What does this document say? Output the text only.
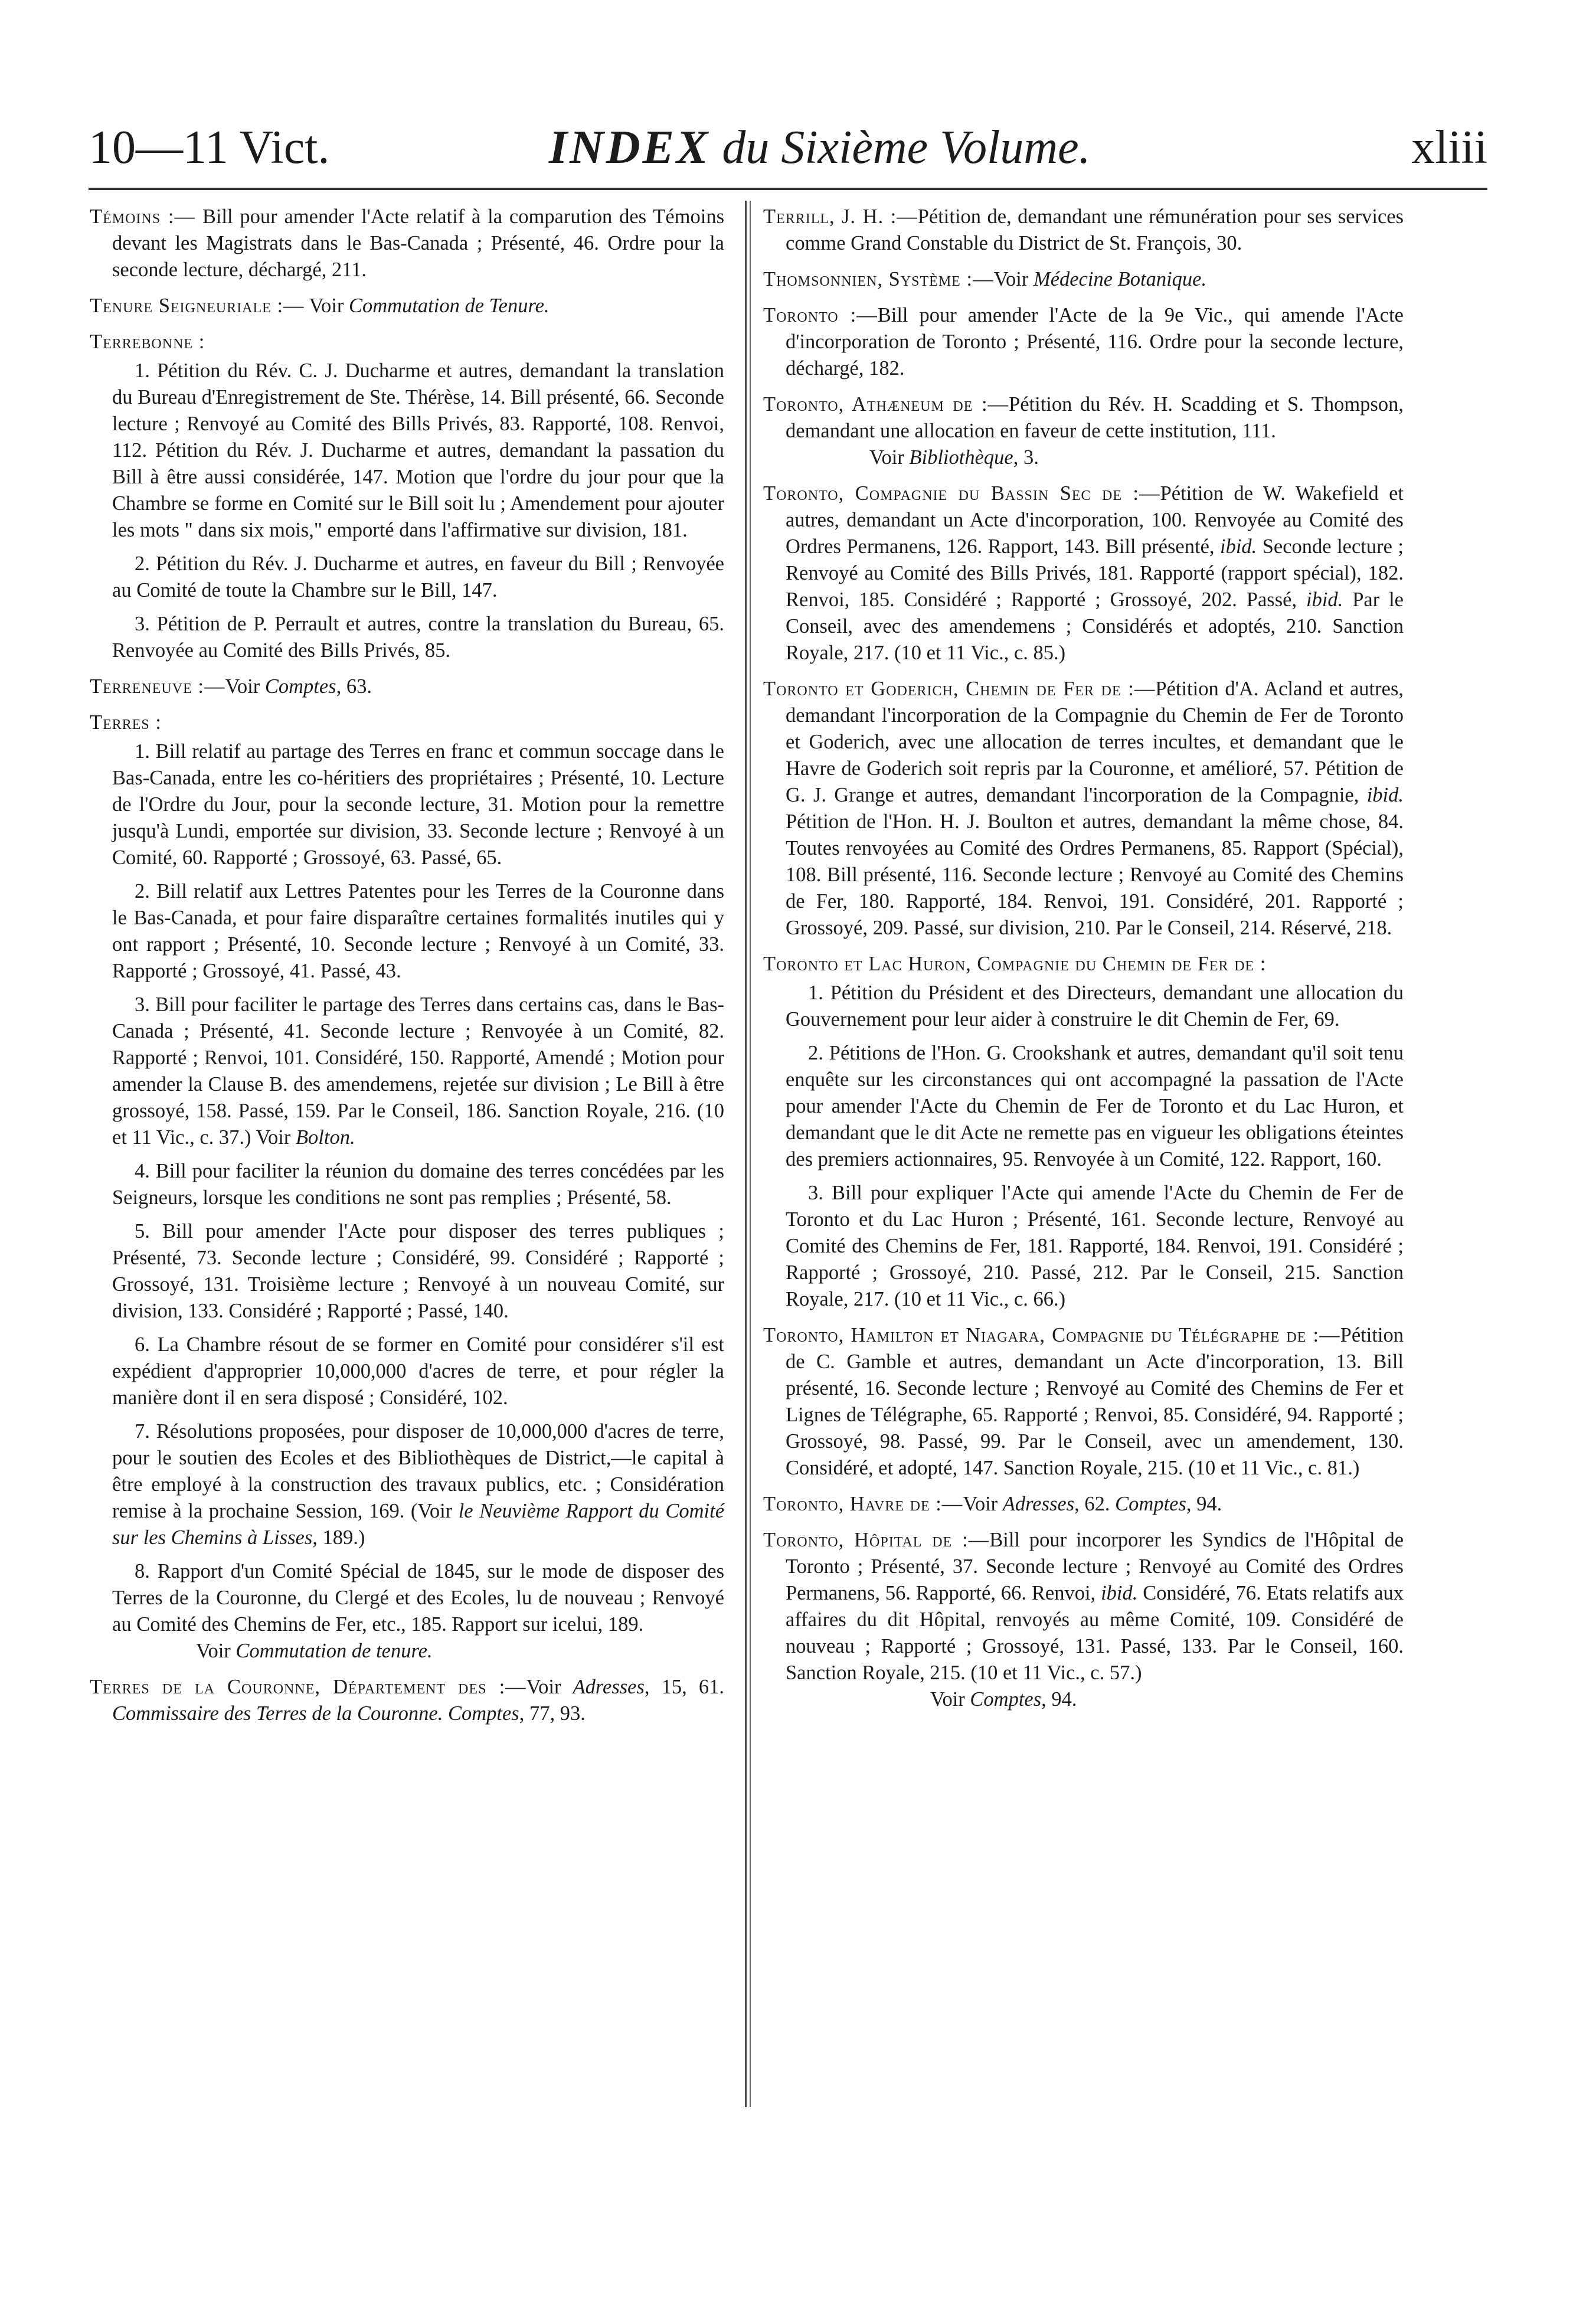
10—11 Vict.	INDEX du Sixième Volume.	xliii
Témoins :— Bill pour amender l'Acte relatif à la comparution des Témoins devant les Magistrats dans le Bas-Canada ; Présenté, 46. Ordre pour la seconde lecture, déchargé, 211.
Tenure Seigneuriale :— Voir Commutation de Tenure.

Terrebonne :

1. Pétition du Rév. C. J. Ducharme et autres, demandant la translation du Bureau d'Enregistrement de Ste. Thérèse, 14. Bill présenté, 66. Seconde lecture ; Renvoyé au Comité des Bills Privés, 83. Rapporté, 108. Renvoi, 112. Pétition du Rév. J. Ducharme et autres, demandant la passation du Bill à être aussi considérée, 147. Motion que l'ordre du jour pour que la Chambre se forme en Comité sur le Bill soit lu ; Amendement pour ajouter les mots " dans six mois," emporté dans l'affirmative sur division, 181.

2. Pétition du Rév. J. Ducharme et autres, en faveur du Bill ; Renvoyée au Comité de toute la Chambre sur le Bill, 147.

3. Pétition de P. Perrault et autres, contre la translation du Bureau, 65. Renvoyée au Comité des Bills Privés, 85.

Terreneuve :—Voir Comptes, 63.

Terres :

1. Bill relatif au partage des Terres en franc et commun soccage dans le Bas-Canada, entre les co-héritiers des propriétaires ; Présenté, 10. Lecture de l'Ordre du Jour, pour la seconde lecture, 31. Motion pour la remettre jusqu'à Lundi, emportée sur division, 33. Seconde lecture ; Renvoyé à un Comité, 60. Rapporté ; Grossoyé, 63. Passé, 65.

2. Bill relatif aux Lettres Patentes pour les Terres de la Couronne dans le Bas-Canada, et pour faire disparaître certaines formalités inutiles qui y ont rapport ; Présenté, 10. Seconde lecture ; Renvoyé à un Comité, 33. Rapporté ; Grossoyé, 41. Passé, 43.

3. Bill pour faciliter le partage des Terres dans certains cas, dans le Bas-Canada ; Présenté, 41. Seconde lecture ; Renvoyée à un Comité, 82. Rapporté ; Renvoi, 101. Considéré, 150. Rapporté, Amendé ; Motion pour amender la Clause B. des amendemens, rejetée sur division ; Le Bill à être grossoyé, 158. Passé, 159. Par le Conseil, 186. Sanction Royale, 216. (10 et 11 Vic., c. 37.) Voir Bolton.

4. Bill pour faciliter la réunion du domaine des terres concédées par les Seigneurs, lorsque les conditions ne sont pas remplies ; Présenté, 58.

5. Bill pour amender l'Acte pour disposer des terres publiques ; Présenté, 73. Seconde lecture ; Considéré, 99. Considéré ; Rapporté ; Grossoyé, 131. Troisième lecture ; Renvoyé à un nouveau Comité, sur division, 133. Considéré ; Rapporté ; Passé, 140.

6. La Chambre résout de se former en Comité pour considérer s'il est expédient d'approprier 10,000,000 d'acres de terre, et pour régler la manière dont il en sera disposé ; Considéré, 102.

7. Résolutions proposées, pour disposer de 10,000,000 d'acres de terre, pour le soutien des Ecoles et des Bibliothèques de District,—le capital à être employé à la construction des travaux publics, etc. ; Considération remise à la prochaine Session, 169. (Voir le Neuvième Rapport du Comité sur les Chemins à Lisses, 189.)

8. Rapport d'un Comité Spécial de 1845, sur le mode de disposer des Terres de la Couronne, du Clergé et des Ecoles, lu de nouveau ; Renvoyé au Comité des Chemins de Fer, etc., 185. Rapport sur icelui, 189.

Voir Commutation de tenure.

Terres de la Couronne, Département des :—Voir Adresses, 15, 61. Commissaire des Terres de la Couronne. Comptes, 77, 93.
Terrill, J. H. :—Pétition de, demandant une rémunération pour ses services comme Grand Constable du District de St. François, 30.
Thomsonnien, Système :—Voir Médecine Botanique.
Toronto :—Bill pour amender l'Acte de la 9e Vic., qui amende l'Acte d'incorporation de Toronto ; Présenté, 116. Ordre pour la seconde lecture, déchargé, 182.
Toronto, Athæneum de :—Pétition du Rév. H. Scadding et S. Thompson, demandant une allocation en faveur de cette institution, 111.

Voir Bibliothèque, 3.

Toronto, Compagnie du Bassin Sec de :—Pétition de W. Wakefield et autres, demandant un Acte d'incorporation, 100. Renvoyée au Comité des Ordres Permanens, 126. Rapport, 143. Bill présenté, ibid. Seconde lecture ; Renvoyé au Comité des Bills Privés, 181. Rapporté (rapport spécial), 182. Renvoi, 185. Considéré ; Rapporté ; Grossoyé, 202. Passé, ibid. Par le Conseil, avec des amendemens ; Considérés et adoptés, 210. Sanction Royale, 217. (10 et 11 Vic., c. 85.)
Toronto et Goderich, Chemin de Fer de :—Pétition d'A. Acland et autres, demandant l'incorporation de la Compagnie du Chemin de Fer de Toronto et Goderich, avec une allocation de terres incultes, et demandant que le Havre de Goderich soit repris par la Couronne, et amélioré, 57. Pétition de G. J. Grange et autres, demandant l'incorporation de la Compagnie, ibid. Pétition de l'Hon. H. J. Boulton et autres, demandant la même chose, 84. Toutes renvoyées au Comité des Ordres Permanens, 85. Rapport (Spécial), 108. Bill présenté, 116. Seconde lecture ; Renvoyé au Comité des Chemins de Fer, 180. Rapporté, 184. Renvoi, 191. Considéré, 201. Rapporté ; Grossoyé, 209. Passé, sur division, 210. Par le Conseil, 214. Réservé, 218.

Toronto et Lac Huron, Compagnie du Chemin de Fer de :

1. Pétition du Président et des Directeurs, demandant une allocation du Gouvernement pour leur aider à construire le dit Chemin de Fer, 69.

2. Pétitions de l'Hon. G. Crookshank et autres, demandant qu'il soit tenu enquête sur les circonstances qui ont accompagné la passation de l'Acte pour amender l'Acte du Chemin de Fer de Toronto et du Lac Huron, et demandant que le dit Acte ne remette pas en vigueur les obligations éteintes des premiers actionnaires, 95. Renvoyée à un Comité, 122. Rapport, 160.

3. Bill pour expliquer l'Acte qui amende l'Acte du Chemin de Fer de Toronto et du Lac Huron ; Présenté, 161. Seconde lecture, Renvoyé au Comité des Chemins de Fer, 181. Rapporté, 184. Renvoi, 191. Considéré ; Rapporté ; Grossoyé, 210. Passé, 212. Par le Conseil, 215. Sanction Royale, 217. (10 et 11 Vic., c. 66.)

Toronto, Hamilton et Niagara, Compagnie du Télégraphe de :—Pétition de C. Gamble et autres, demandant un Acte d'incorporation, 13. Bill présenté, 16. Seconde lecture ; Renvoyé au Comité des Chemins de Fer et Lignes de Télégraphe, 65. Rapporté ; Renvoi, 85. Considéré, 94. Rapporté ; Grossoyé, 98. Passé, 99. Par le Conseil, avec un amendement, 130. Considéré, et adopté, 147. Sanction Royale, 215. (10 et 11 Vic., c. 81.)
Toronto, Havre de :—Voir Adresses, 62. Comptes, 94.
Toronto, Hôpital de :—Bill pour incorporer les Syndics de l'Hôpital de Toronto ; Présenté, 37. Seconde lecture ; Renvoyé au Comité des Ordres Permanens, 56. Rapporté, 66. Renvoi, ibid. Considéré, 76. Etats relatifs aux affaires du dit Hôpital, renvoyés au même Comité, 109. Considéré de nouveau ; Rapporté ; Grossoyé, 131. Passé, 133. Par le Conseil, 160. Sanction Royale, 215. (10 et 11 Vic., c. 57.)

Voir Comptes, 94.
